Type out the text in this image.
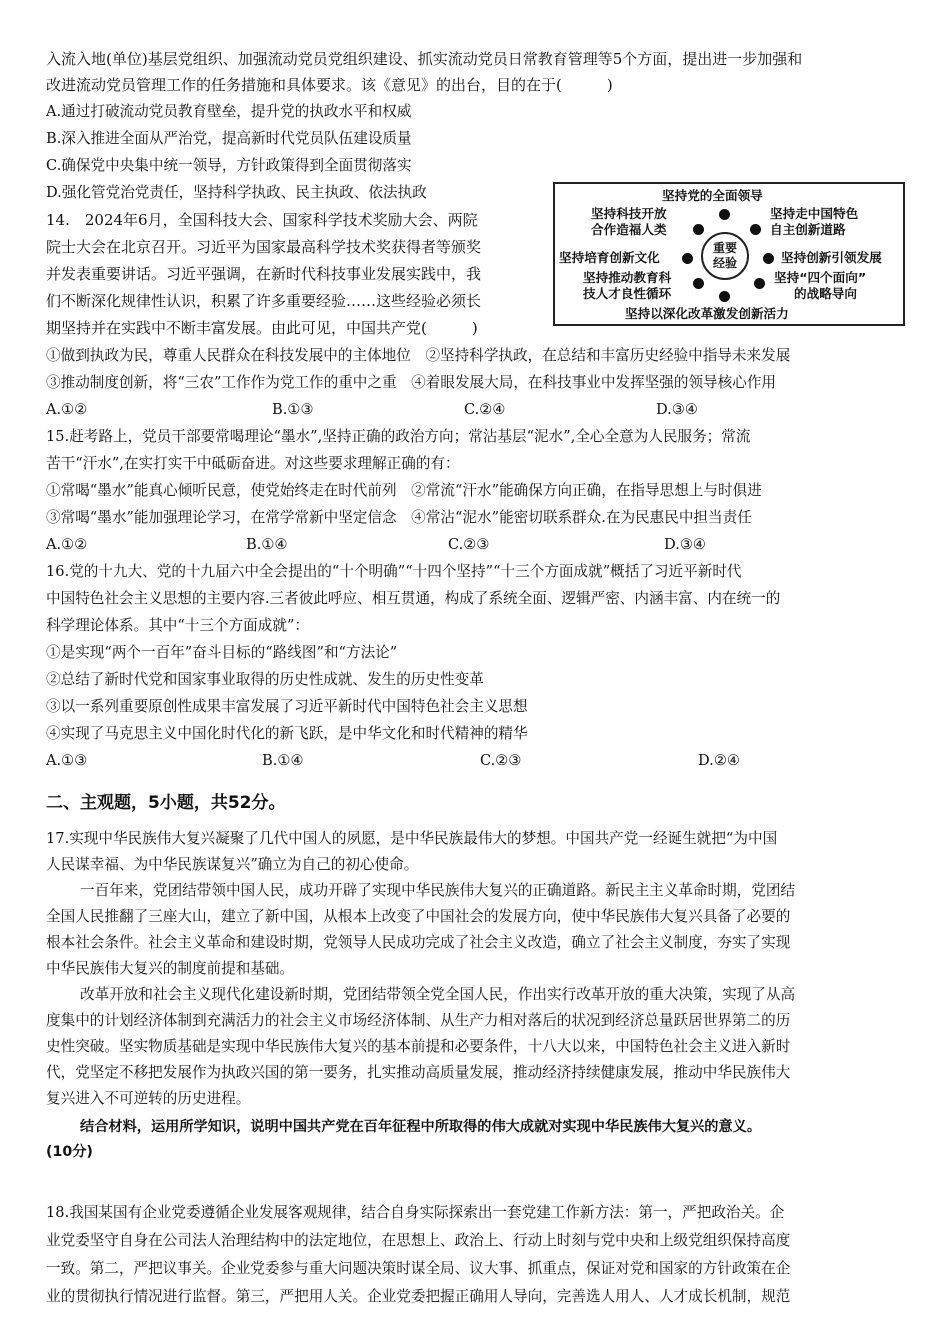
入流入地(单位)基层党组织、加强流动党员党组织建设、抓实流动党员日常教育管理等5个方面，提出进一步加强和
改进流动党员管理工作的任务措施和具体要求。该《意见》的出台，目的在于(　　　)
A.通过打破流动党员教育壁垒，提升党的执政水平和权威
B.深入推进全面从严治党，提高新时代党员队伍建设质量
C.确保党中央集中统一领导，方针政策得到全面贯彻落实
D.强化管党治党责任，坚持科学执政、民主执政、依法执政
14.　2024年6月，全国科技大会、国家科学技术奖励大会、两院
院士大会在北京召开。习近平为国家最高科学技术奖获得者等颁奖
并发表重要讲话。习近平强调，在新时代科技事业发展实践中，我
们不断深化规律性认识，积累了许多重要经验……这些经验必须长
期坚持并在实践中不断丰富发展。由此可见，中国共产党(　　　)
坚持党的全面领导
坚持科技开放
合作造福人类
坚持走中国特色
自主创新道路
坚持培育创新文化	坚持创新引领发展
坚持推动教育科
技人才良性循环
坚持“四个面向”
的战略导向
坚持以深化改革激发创新活力
重要
经验
①做到执政为民，尊重人民群众在科技发展中的主体地位　②坚持科学执政，在总结和丰富历史经验中指导未来发展
③推动制度创新，将“三农”工作作为党工作的重中之重　④着眼发展大局，在科技事业中发挥坚强的领导核心作用
A.①②	B.①③	C.②④	D.③④
15.赶考路上，党员干部要常喝理论“墨水”,坚持正确的政治方向；常沾基层“泥水”,全心全意为人民服务；常流
苦干“汗水”,在实打实干中砥砺奋进。对这些要求理解正确的有：
①常喝“墨水”能真心倾听民意，使党始终走在时代前列　②常流“汗水”能确保方向正确，在指导思想上与时俱进
③常喝“墨水”能加强理论学习，在常学常新中坚定信念　④常沾“泥水”能密切联系群众.在为民惠民中担当责任
A.①②	B.①④	C.②③	D.③④
16.党的十九大、党的十九届六中全会提出的“十个明确”“十四个坚持”“十三个方面成就”概括了习近平新时代
中国特色社会主义思想的主要内容.三者彼此呼应、相互贯通，构成了系统全面、逻辑严密、内涵丰富、内在统一的
科学理论体系。其中“十三个方面成就”：
①是实现“两个一百年”奋斗目标的“路线图”和“方法论”
②总结了新时代党和国家事业取得的历史性成就、发生的历史性变革
③以一系列重要原创性成果丰富发展了习近平新时代中国特色社会主义思想
④实现了马克思主义中国化时代化的新飞跃，是中华文化和时代精神的精华
A.①③	B.①④	C.②③	D.②④
二、主观题，5小题，共52分。
17.实现中华民族伟大复兴凝聚了几代中国人的夙愿，是中华民族最伟大的梦想。中国共产党一经诞生就把“为中国
人民谋幸福、为中华民族谋复兴”确立为自己的初心使命。
一百年来，党团结带领中国人民，成功开辟了实现中华民族伟大复兴的正确道路。新民主主义革命时期，党团结
全国人民推翻了三座大山，建立了新中国，从根本上改变了中国社会的发展方向，使中华民族伟大复兴具备了必要的
根本社会条件。社会主义革命和建设时期，党领导人民成功完成了社会主义改造，确立了社会主义制度，夯实了实现
中华民族伟大复兴的制度前提和基础。
改革开放和社会主义现代化建设新时期，党团结带领全党全国人民，作出实行改革开放的重大决策，实现了从高
度集中的计划经济体制到充满活力的社会主义市场经济体制、从生产力相对落后的状况到经济总量跃居世界第二的历
史性突破。坚实物质基础是实现中华民族伟大复兴的基本前提和必要条件，十八大以来，中国特色社会主义进入新时
代，党坚定不移把发展作为执政兴国的第一要务，扎实推动高质量发展，推动经济持续健康发展，推动中华民族伟大
复兴进入不可逆转的历史进程。
结合材料，运用所学知识，说明中国共产党在百年征程中所取得的伟大成就对实现中华民族伟大复兴的意义。
(10分)
18.我国某国有企业党委遵循企业发展客观规律，结合自身实际探索出一套党建工作新方法：第一，严把政治关。企
业党委坚守自身在公司法人治理结构中的法定地位，在思想上、政治上、行动上时刻与党中央和上级党组织保持高度
一致。第二，严把议事关。企业党委参与重大问题决策时谋全局、议大事、抓重点，保证对党和国家的方针政策在企
业的贯彻执行情况进行监督。第三，严把用人关。企业党委把握正确用人导向，完善选人用人、人才成长机制，规范
